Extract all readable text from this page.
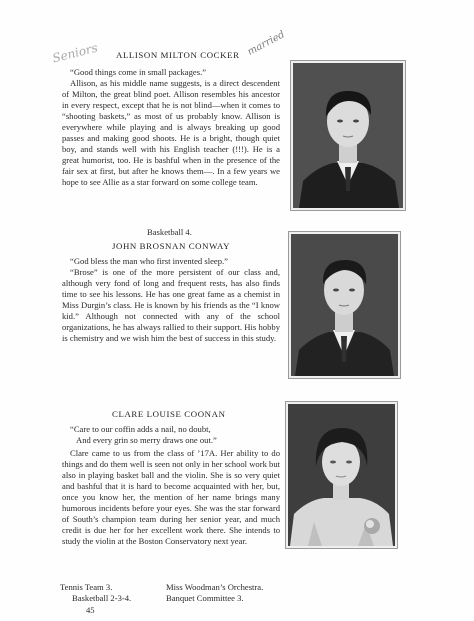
Seniors	married
ALLISON MILTON COCKER

“Good things come in small packages.”

Allison, as his middle name suggests, is a direct descendent of Milton, the great blind poet. Allison resembles his ancestor in every respect, except that he is not blind—when it comes to “shooting baskets,” as most of us probably know. Allison is everywhere while playing and is always breaking up good passes and making good shoots. He is a bright, though quiet boy, and stands well with his English teacher (!!!). He is a great humorist, too. He is bashful when in the presence of the fair sex at first, but after he knows them—. In a few years we hope to see Allie as a star forward on some college team.

Basketball 4.
JOHN BROSNAN CONWAY

“God bless the man who first invented sleep.”

“Brose” is one of the more persistent of our class and, although very fond of long and frequent rests, has also finds time to see his lessons. He has one great fame as a chemist in Miss Durgin’s class. He is known by his friends as the “I know kid.” Although not connected with any of the school organizations, he has always rallied to their support. His hobby is chemistry and we wish him the best of success in this study.

CLARE LOUISE COONAN
“Care to our coffin adds a nail, no doubt,
And every grin so merry draws one out.”

Clare came to us from the class of ’17A. Her ability to do things and do them well is seen not only in her school work but also in playing basket ball and the violin. She is so very quiet and bashful that it is hard to become acquainted with her, but, once you know her, the mention of her name brings many humorous incidents before your eyes. She was the star forward of South’s champion team during her senior year, and much credit is due her for her excellent work there. She intends to study the violin at the Boston Conservatory next year.

Tennis Team 3.
Basketball 2-3-4.
Miss Woodman’s Orchestra.
Banquet Committee 3.
45
